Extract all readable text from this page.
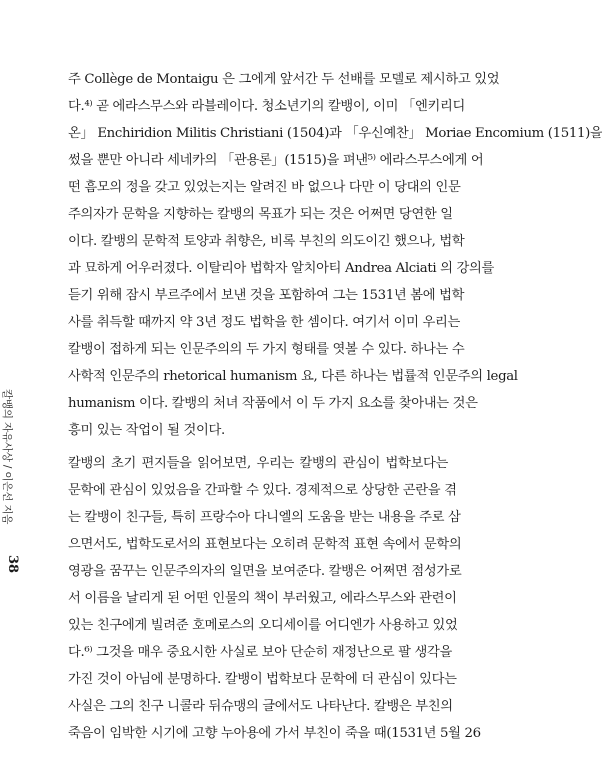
칼뱅의 자유사상 / 이은선 지음
38
주 Collège de Montaigu 은 그에게 앞서간 두 선배를 모델로 제시하고 있었
다.⁴⁾ 곧 에라스무스와 라블레이다. 청소년기의 칼뱅이, 이미 「엔키리디
온」 Enchiridion Militis Christiani (1504)과 「우신예찬」 Moriae Encomium (1511)을
썼을 뿐만 아니라 세네카의 「관용론」(1515)을 펴낸⁵⁾ 에라스무스에게 어
떤 흠모의 정을 갖고 있었는지는 알려진 바 없으나 다만 이 당대의 인문
주의자가 문학을 지향하는 칼뱅의 목표가 되는 것은 어쩌면 당연한 일
이다. 칼뱅의 문학적 토양과 취향은, 비록 부친의 의도이긴 했으나, 법학
과 묘하게 어우러졌다. 이탈리아 법학자 알치아티 Andrea Alciati 의 강의를
듣기 위해 잠시 부르주에서 보낸 것을 포함하여 그는 1531년 봄에 법학
사를 취득할 때까지 약 3년 정도 법학을 한 셈이다. 여기서 이미 우리는
칼뱅이 접하게 되는 인문주의의 두 가지 형태를 엿볼 수 있다. 하나는 수
사학적 인문주의 rhetorical humanism 요, 다른 하나는 법률적 인문주의 legal
humanism 이다. 칼뱅의 처녀 작품에서 이 두 가지 요소를 찾아내는 것은
흥미 있는 작업이 될 것이다.
칼뱅의 초기 편지들을 읽어보면, 우리는 칼뱅의 관심이 법학보다는
문학에 관심이 있었음을 간파할 수 있다. 경제적으로 상당한 곤란을 겪
는 칼뱅이 친구들, 특히 프랑수아 다니엘의 도움을 받는 내용을 주로 삼
으면서도, 법학도로서의 표현보다는 오히려 문학적 표현 속에서 문학의
영광을 꿈꾸는 인문주의자의 일면을 보여준다. 칼뱅은 어쩌면 점성가로
서 이름을 날리게 된 어떤 인물의 책이 부러웠고, 에라스무스와 관련이
있는 친구에게 빌려준 호메로스의 오디세이를 어디엔가 사용하고 있었
다.⁶⁾ 그것을 매우 중요시한 사실로 보아 단순히 재정난으로 팔 생각을
가진 것이 아님에 분명하다. 칼뱅이 법학보다 문학에 더 관심이 있다는
사실은 그의 친구 니콜라 뒤슈맹의 글에서도 나타난다. 칼뱅은 부친의
죽음이 임박한 시기에 고향 누아용에 가서 부친이 죽을 때(1531년 5월 26
